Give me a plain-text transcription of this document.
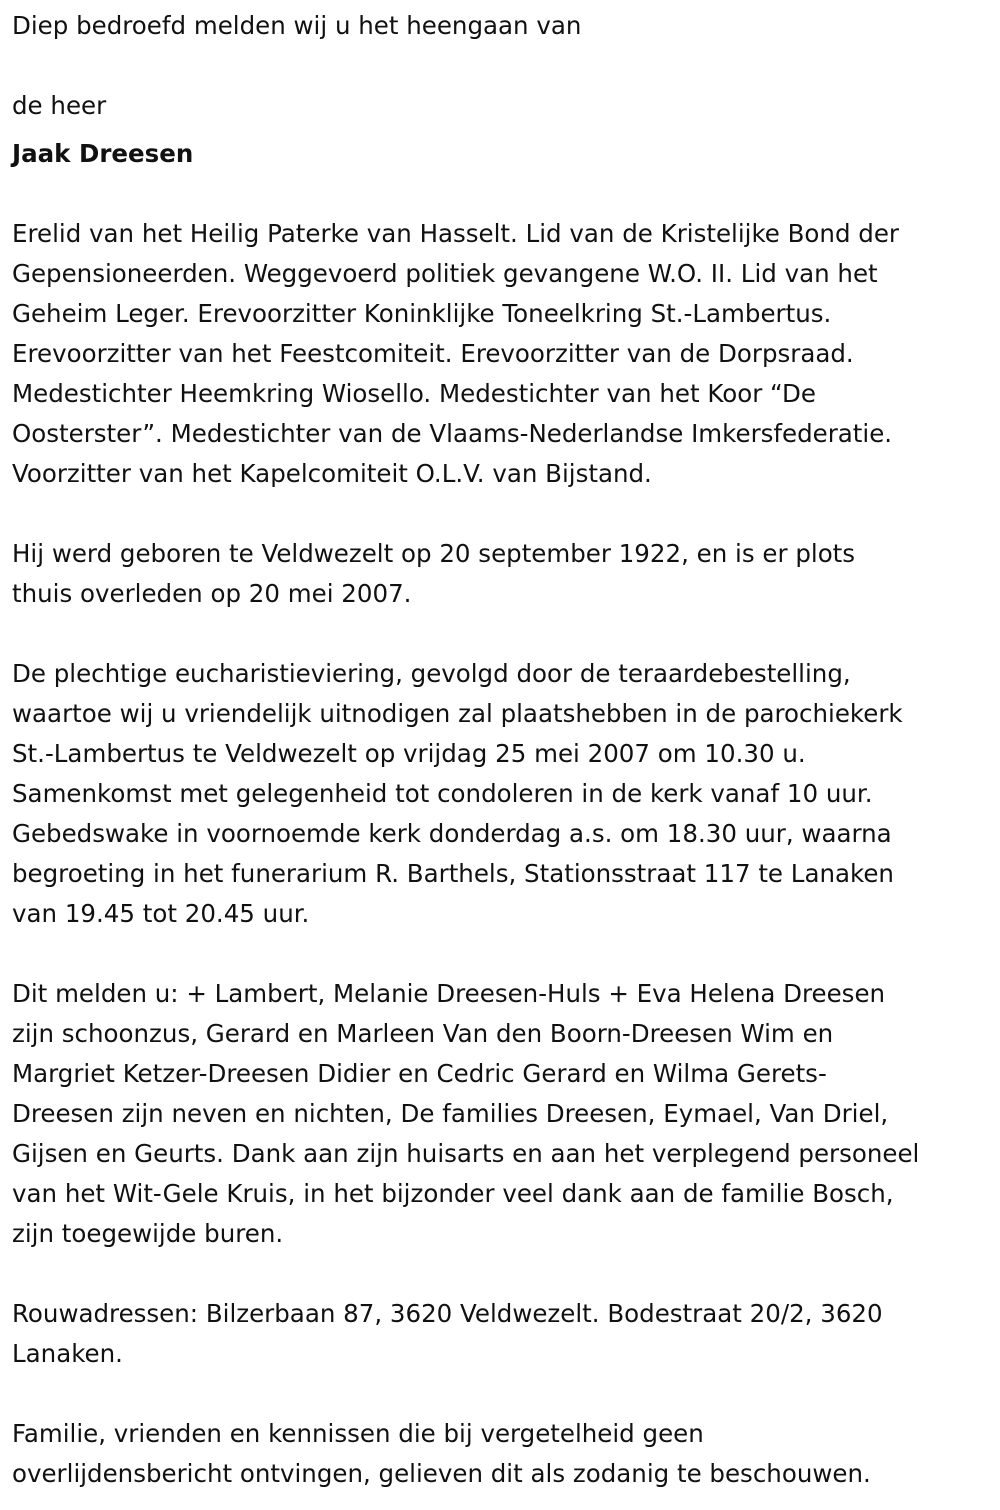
Diep bedroefd melden wij u het heengaan van

de heer

Jaak Dreesen

Erelid van het Heilig Paterke van Hasselt. Lid van de Kristelijke Bond der

Gepensioneerden. Weggevoerd politiek gevangene W.O. II. Lid van het

Geheim Leger. Erevoorzitter Koninklijke Toneelkring St.-Lambertus.

Erevoorzitter van het Feestcomiteit. Erevoorzitter van de Dorpsraad.

Medestichter Heemkring Wiosello. Medestichter van het Koor “De

Oosterster”. Medestichter van de Vlaams-Nederlandse Imkersfederatie.

Voorzitter van het Kapelcomiteit O.L.V. van Bijstand.

Hij werd geboren te Veldwezelt op 20 september 1922, en is er plots

thuis overleden op 20 mei 2007.

De plechtige eucharistieviering, gevolgd door de teraardebestelling,

waartoe wij u vriendelijk uitnodigen zal plaatshebben in de parochiekerk

St.-Lambertus te Veldwezelt op vrijdag 25 mei 2007 om 10.30 u.

Samenkomst met gelegenheid tot condoleren in de kerk vanaf 10 uur.

Gebedswake in voornoemde kerk donderdag a.s. om 18.30 uur, waarna

begroeting in het funerarium R. Barthels, Stationsstraat 117 te Lanaken

van 19.45 tot 20.45 uur.

Dit melden u: + Lambert, Melanie Dreesen-Huls + Eva Helena Dreesen

zijn schoonzus, Gerard en Marleen Van den Boorn-Dreesen Wim en

Margriet Ketzer-Dreesen Didier en Cedric Gerard en Wilma Gerets-

Dreesen zijn neven en nichten, De families Dreesen, Eymael, Van Driel,

Gijsen en Geurts. Dank aan zijn huisarts en aan het verplegend personeel

van het Wit-Gele Kruis, in het bijzonder veel dank aan de familie Bosch,

zijn toegewijde buren.

Rouwadressen: Bilzerbaan 87, 3620 Veldwezelt. Bodestraat 20/2, 3620

Lanaken.

Familie, vrienden en kennissen die bij vergetelheid geen

overlijdensbericht ontvingen, gelieven dit als zodanig te beschouwen.
